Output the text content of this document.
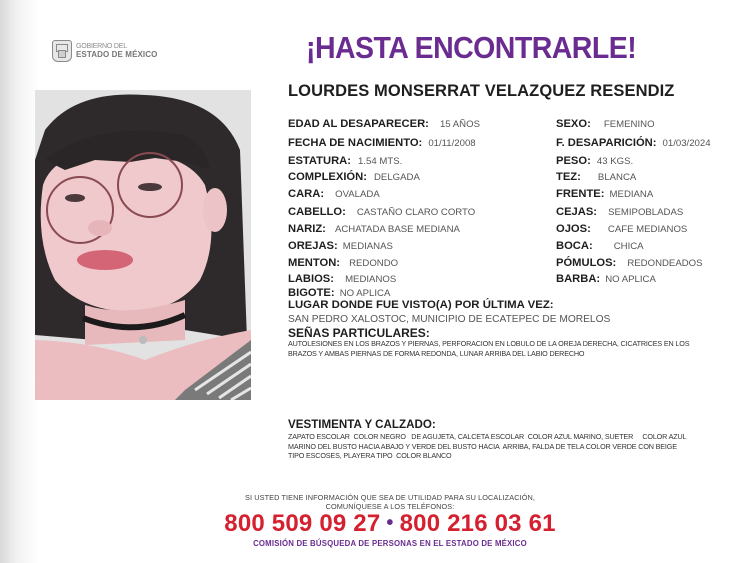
GOBIERNO DEL
ESTADO DE MÉXICO	¡HASTA ENCONTRARLE!
LOURDES MONSERRAT VELAZQUEZ RESENDIZ
EDAD AL DESAPARECER: 15 AÑOS
FECHA DE NACIMIENTO: 01/11/2008
ESTATURA: 1.54 MTS.
COMPLEXIÓN: DELGADA
CARA: OVALADA
CABELLO: CASTAÑO CLARO CORTO
NARIZ: ACHATADA BASE MEDIANA
OREJAS: MEDIANAS
MENTON: REDONDO
LABIOS: MEDIANOS
BIGOTE: NO APLICA
SEXO: FEMENINO
F. DESAPARICIÓN: 01/03/2024
PESO: 43 KGS.
TEZ: BLANCA
FRENTE: MEDIANA
CEJAS: SEMIPOBLADAS
OJOS: CAFE MEDIANOS
BOCA: CHICA
PÓMULOS: REDONDEADOS
BARBA: NO APLICA
LUGAR DONDE FUE VISTO(A) POR ÚLTIMA VEZ:
SAN PEDRO XALOSTOC, MUNICIPIO DE ECATEPEC DE MORELOS
SEÑAS PARTICULARES:
AUTOLESIONES EN LOS BRAZOS Y PIERNAS, PERFORACION EN LOBULO DE LA OREJA DERECHA, CICATRICES EN LOS
BRAZOS Y AMBAS PIERNAS DE FORMA REDONDA, LUNAR ARRIBA DEL LABIO DERECHO
VESTIMENTA Y CALZADO:
ZAPATO ESCOLAR  COLOR NEGRO   DE AGUJETA, CALCETA ESCOLAR  COLOR AZUL MARINO, SUETER     COLOR AZUL
MARINO DEL BUSTO HACIA ABAJO Y VERDE DEL BUSTO HACIA  ARRIBA, FALDA DE TELA COLOR VERDE CON BEIGE
TIPO ESCOSES, PLAYERA TIPO  COLOR BLANCO
SI USTED TIENE INFORMACIÓN QUE SEA DE UTILIDAD PARA SU LOCALIZACIÓN,
COMUNÍQUESE A LOS TELÉFONOS:
800 509 09 27 • 800 216 03 61
COMISIÓN DE BÚSQUEDA DE PERSONAS EN EL ESTADO DE MÉXICO
